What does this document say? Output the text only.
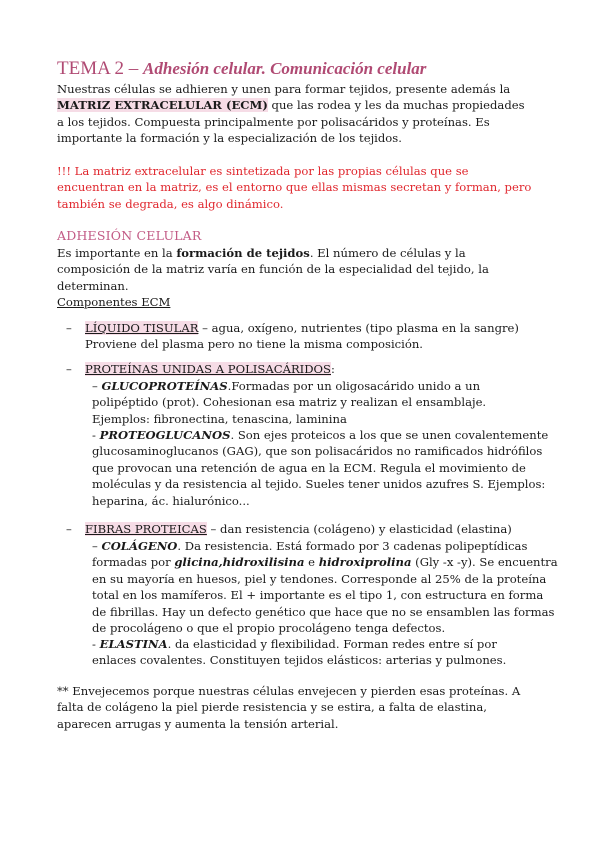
TEMA 2 – Adhesión celular. Comunicación celular

Nuestras células se adhieren y unen para formar tejidos, presente además la MATRIZ EXTRACELULAR (ECM) que las rodea y les da muchas propiedades a los tejidos. Compuesta principalmente por polisacáridos y proteínas. Es importante la formación y la especialización de los tejidos.

!!! La matriz extracelular es sintetizada por las propias células que se encuentran en la matriz, es el entorno que ellas mismas secretan y forman, pero también se degrada, es algo dinámico.

ADHESIÓN CELULAR

Es importante en la formación de tejidos. El número de células y la composición de la matriz varía en función de la especialidad del tejido, la determinan.

Componentes ECM
–	LÍQUIDO TISULAR – agua, oxígeno, nutrientes (tipo plasma en la sangre) Proviene del plasma pero no tiene la misma composición.

–	PROTEÍNAS UNIDAS A POLISACÁRIDOS:

– GLUCOPROTEÍNAS.Formadas por un oligosacárido unido a un polipéptido (prot). Cohesionan esa matriz y realizan el ensamblaje. Ejemplos: fibronectina, tenascina, laminina

- PROTEOGLUCANOS. Son ejes proteicos a los que se unen covalentemente glucosaminoglucanos (GAG), que son polisacáridos no ramificados hidrófilos que provocan una retención de agua en la ECM. Regula el movimiento de moléculas y da resistencia al tejido. Sueles tener unidos azufres S. Ejemplos: heparina, ác. hialurónico...

–	FIBRAS PROTEICAS – dan resistencia (colágeno) y elasticidad (elastina)

– COLÁGENO. Da resistencia. Está formado por 3 cadenas polipeptídicas formadas por glicina,hidroxilisina e hidroxiprolina (Gly -x -y). Se encuentra en su mayoría en huesos, piel y tendones. Corresponde al 25% de la proteína total en los mamíferos. El + importante es el tipo 1, con estructura en forma de fibrillas. Hay un defecto genético que hace que no se ensamblen las formas de procolágeno o que el propio procolágeno tenga defectos.

- ELASTINA. da elasticidad y flexibilidad. Forman redes entre sí por enlaces covalentes. Constituyen tejidos elásticos: arterias y pulmones.

** Envejecemos porque nuestras células envejecen y pierden esas proteínas. A falta de colágeno la piel pierde resistencia y se estira, a falta de elastina, aparecen arrugas y aumenta la tensión arterial.
